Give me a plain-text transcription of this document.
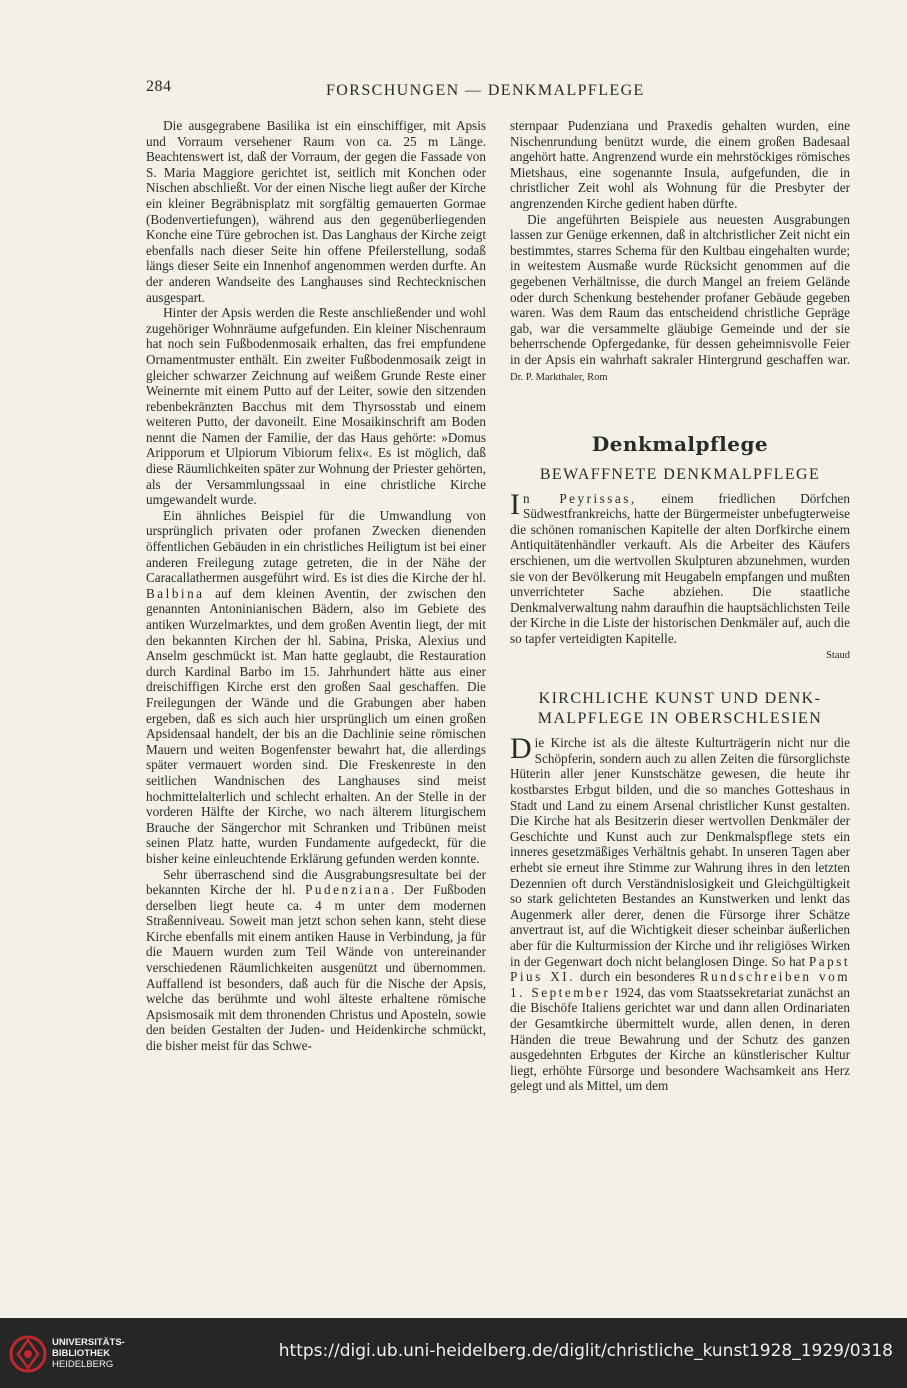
284	FORSCHUNGEN — DENKMALPFLEGE

Die ausgegrabene Basilika ist ein einschiffiger, mit Apsis und Vorraum versehener Raum von ca. 25 m Länge. Beachtenswert ist, daß der Vorraum, der gegen die Fassade von S. Maria Maggiore gerichtet ist, seitlich mit Konchen oder Nischen abschließt. Vor der einen Nische liegt außer der Kirche ein kleiner Begräbnisplatz mit sorgfältig gemauerten Gormae (Bodenvertiefungen), während aus den gegenüberliegenden Konche eine Türe gebrochen ist. Das Langhaus der Kirche zeigt ebenfalls nach dieser Seite hin offene Pfeilerstellung, sodaß längs dieser Seite ein Innenhof angenommen werden durfte. An der anderen Wandseite des Langhauses sind Rechtecknischen ausgespart.

Hinter der Apsis werden die Reste anschließender und wohl zugehöriger Wohnräume aufgefunden. Ein kleiner Nischenraum hat noch sein Fußbodenmosaik erhalten, das frei empfundene Ornamentmuster enthält. Ein zweiter Fußbodenmosaik zeigt in gleicher schwarzer Zeichnung auf weißem Grunde Reste einer Weinernte mit einem Putto auf der Leiter, sowie den sitzenden rebenbekränzten Bacchus mit dem Thyrsosstab und einem weiteren Putto, der davoneilt. Eine Mosaikinschrift am Boden nennt die Namen der Familie, der das Haus gehörte: »Domus Aripporum et Ulpiorum Vibiorum felix«. Es ist möglich, daß diese Räumlichkeiten später zur Wohnung der Priester gehörten, als der Versammlungssaal in eine christliche Kirche umgewandelt wurde.

Ein ähnliches Beispiel für die Umwandlung von ursprünglich privaten oder profanen Zwecken dienenden öffentlichen Gebäuden in ein christliches Heiligtum ist bei einer anderen Freilegung zutage getreten, die in der Nähe der Caracallathermen ausgeführt wird. Es ist dies die Kirche der hl. Balbina auf dem kleinen Aventin, der zwischen den genannten Antoninianischen Bädern, also im Gebiete des antiken Wurzelmarktes, und dem großen Aventin liegt, der mit den bekannten Kirchen der hl. Sabina, Priska, Alexius und Anselm geschmückt ist. Man hatte geglaubt, die Restauration durch Kardinal Barbo im 15. Jahrhundert hätte aus einer dreischiffigen Kirche erst den großen Saal geschaffen. Die Freilegungen der Wände und die Grabungen aber haben ergeben, daß es sich auch hier ursprünglich um einen großen Apsidensaal handelt, der bis an die Dachlinie seine römischen Mauern und weiten Bogenfenster bewahrt hat, die allerdings später vermauert worden sind. Die Freskenreste in den seitlichen Wandnischen des Langhauses sind meist hochmittelalterlich und schlecht erhalten. An der Stelle in der vorderen Hälfte der Kirche, wo nach älterem liturgischem Brauche der Sängerchor mit Schranken und Tribünen meist seinen Platz hatte, wurden Fundamente aufgedeckt, für die bisher keine einleuchtende Erklärung gefunden werden konnte.

Sehr überraschend sind die Ausgrabungsresultate bei der bekannten Kirche der hl. Pudenziana. Der Fußboden derselben liegt heute ca. 4 m unter dem modernen Straßenniveau. Soweit man jetzt schon sehen kann, steht diese Kirche ebenfalls mit einem antiken Hause in Verbindung, ja für die Mauern wurden zum Teil Wände von untereinander verschiedenen Räumlichkeiten ausgenützt und übernommen. Auffallend ist besonders, daß auch für die Nische der Apsis, welche das berühmte und wohl älteste erhaltene römische Apsismosaik mit dem thronenden Christus und Aposteln, sowie den beiden Gestalten der Juden- und Heidenkirche schmückt, die bisher meist für das Schwe-

sternpaar Pudenziana und Praxedis gehalten wurden, eine Nischenrundung benützt wurde, die einem großen Badesaal angehört hatte. Angrenzend wurde ein mehrstöckiges römisches Mietshaus, eine sogenannte Insula, aufgefunden, die in christlicher Zeit wohl als Wohnung für die Presbyter der angrenzenden Kirche gedient haben dürfte.

Die angeführten Beispiele aus neuesten Ausgrabungen lassen zur Genüge erkennen, daß in altchristlicher Zeit nicht ein bestimmtes, starres Schema für den Kultbau eingehalten wurde; in weitestem Ausmaße wurde Rücksicht genommen auf die gegebenen Verhältnisse, die durch Mangel an freiem Gelände oder durch Schenkung bestehender profaner Gebäude gegeben waren. Was dem Raum das entscheidend christliche Gepräge gab, war die versammelte gläubige Gemeinde und der sie beherrschende Opfergedanke, für dessen geheimnisvolle Feier in der Apsis ein wahrhaft sakraler Hintergrund geschaffen war. Dr. P. Markthaler, Rom

Denkmalpflege
BEWAFFNETE DENKMALPFLEGE

In Peyrissas, einem friedlichen Dörfchen Südwestfrankreichs, hatte der Bürgermeister unbefugterweise die schönen romanischen Kapitelle der alten Dorfkirche einem Antiquitätenhändler verkauft. Als die Arbeiter des Käufers erschienen, um die wertvollen Skulpturen abzunehmen, wurden sie von der Bevölkerung mit Heugabeln empfangen und mußten unverrichteter Sache abziehen. Die staatliche Denkmalverwaltung nahm daraufhin die hauptsächlichsten Teile der Kirche in die Liste der historischen Denkmäler auf, auch die so tapfer verteidigten Kapitelle.

Staud
KIRCHLICHE KUNST UND DENK-
MALPFLEGE IN OBERSCHLESIEN

Die Kirche ist als die älteste Kulturträgerin nicht nur die Schöpferin, sondern auch zu allen Zeiten die fürsorglichste Hüterin aller jener Kunstschätze gewesen, die heute ihr kostbarstes Erbgut bilden, und die so manches Gotteshaus in Stadt und Land zu einem Arsenal christlicher Kunst gestalten. Die Kirche hat als Besitzerin dieser wertvollen Denkmäler der Geschichte und Kunst auch zur Denkmalspflege stets ein inneres gesetzmäßiges Verhältnis gehabt. In unseren Tagen aber erhebt sie erneut ihre Stimme zur Wahrung ihres in den letzten Dezennien oft durch Verständnislosigkeit und Gleichgültigkeit so stark gelichteten Bestandes an Kunstwerken und lenkt das Augenmerk aller derer, denen die Fürsorge ihrer Schätze anvertraut ist, auf die Wichtigkeit dieser scheinbar äußerlichen aber für die Kulturmission der Kirche und ihr religiöses Wirken in der Gegenwart doch nicht belanglosen Dinge. So hat Papst Pius XI. durch ein besonderes Rundschreiben vom 1. September 1924, das vom Staatssekretariat zunächst an die Bischöfe Italiens gerichtet war und dann allen Ordinariaten der Gesamtkirche übermittelt wurde, allen denen, in deren Händen die treue Bewahrung und der Schutz des ganzen ausgedehnten Erbgutes der Kirche an künstlerischer Kultur liegt, erhöhte Fürsorge und besondere Wachsamkeit ans Herz gelegt und als Mittel, um dem

UNIVERSITÄTS-
BIBLIOTHEK
HEIDELBERG
https://digi.ub.uni-heidelberg.de/diglit/christliche_kunst1928_1929/0318
